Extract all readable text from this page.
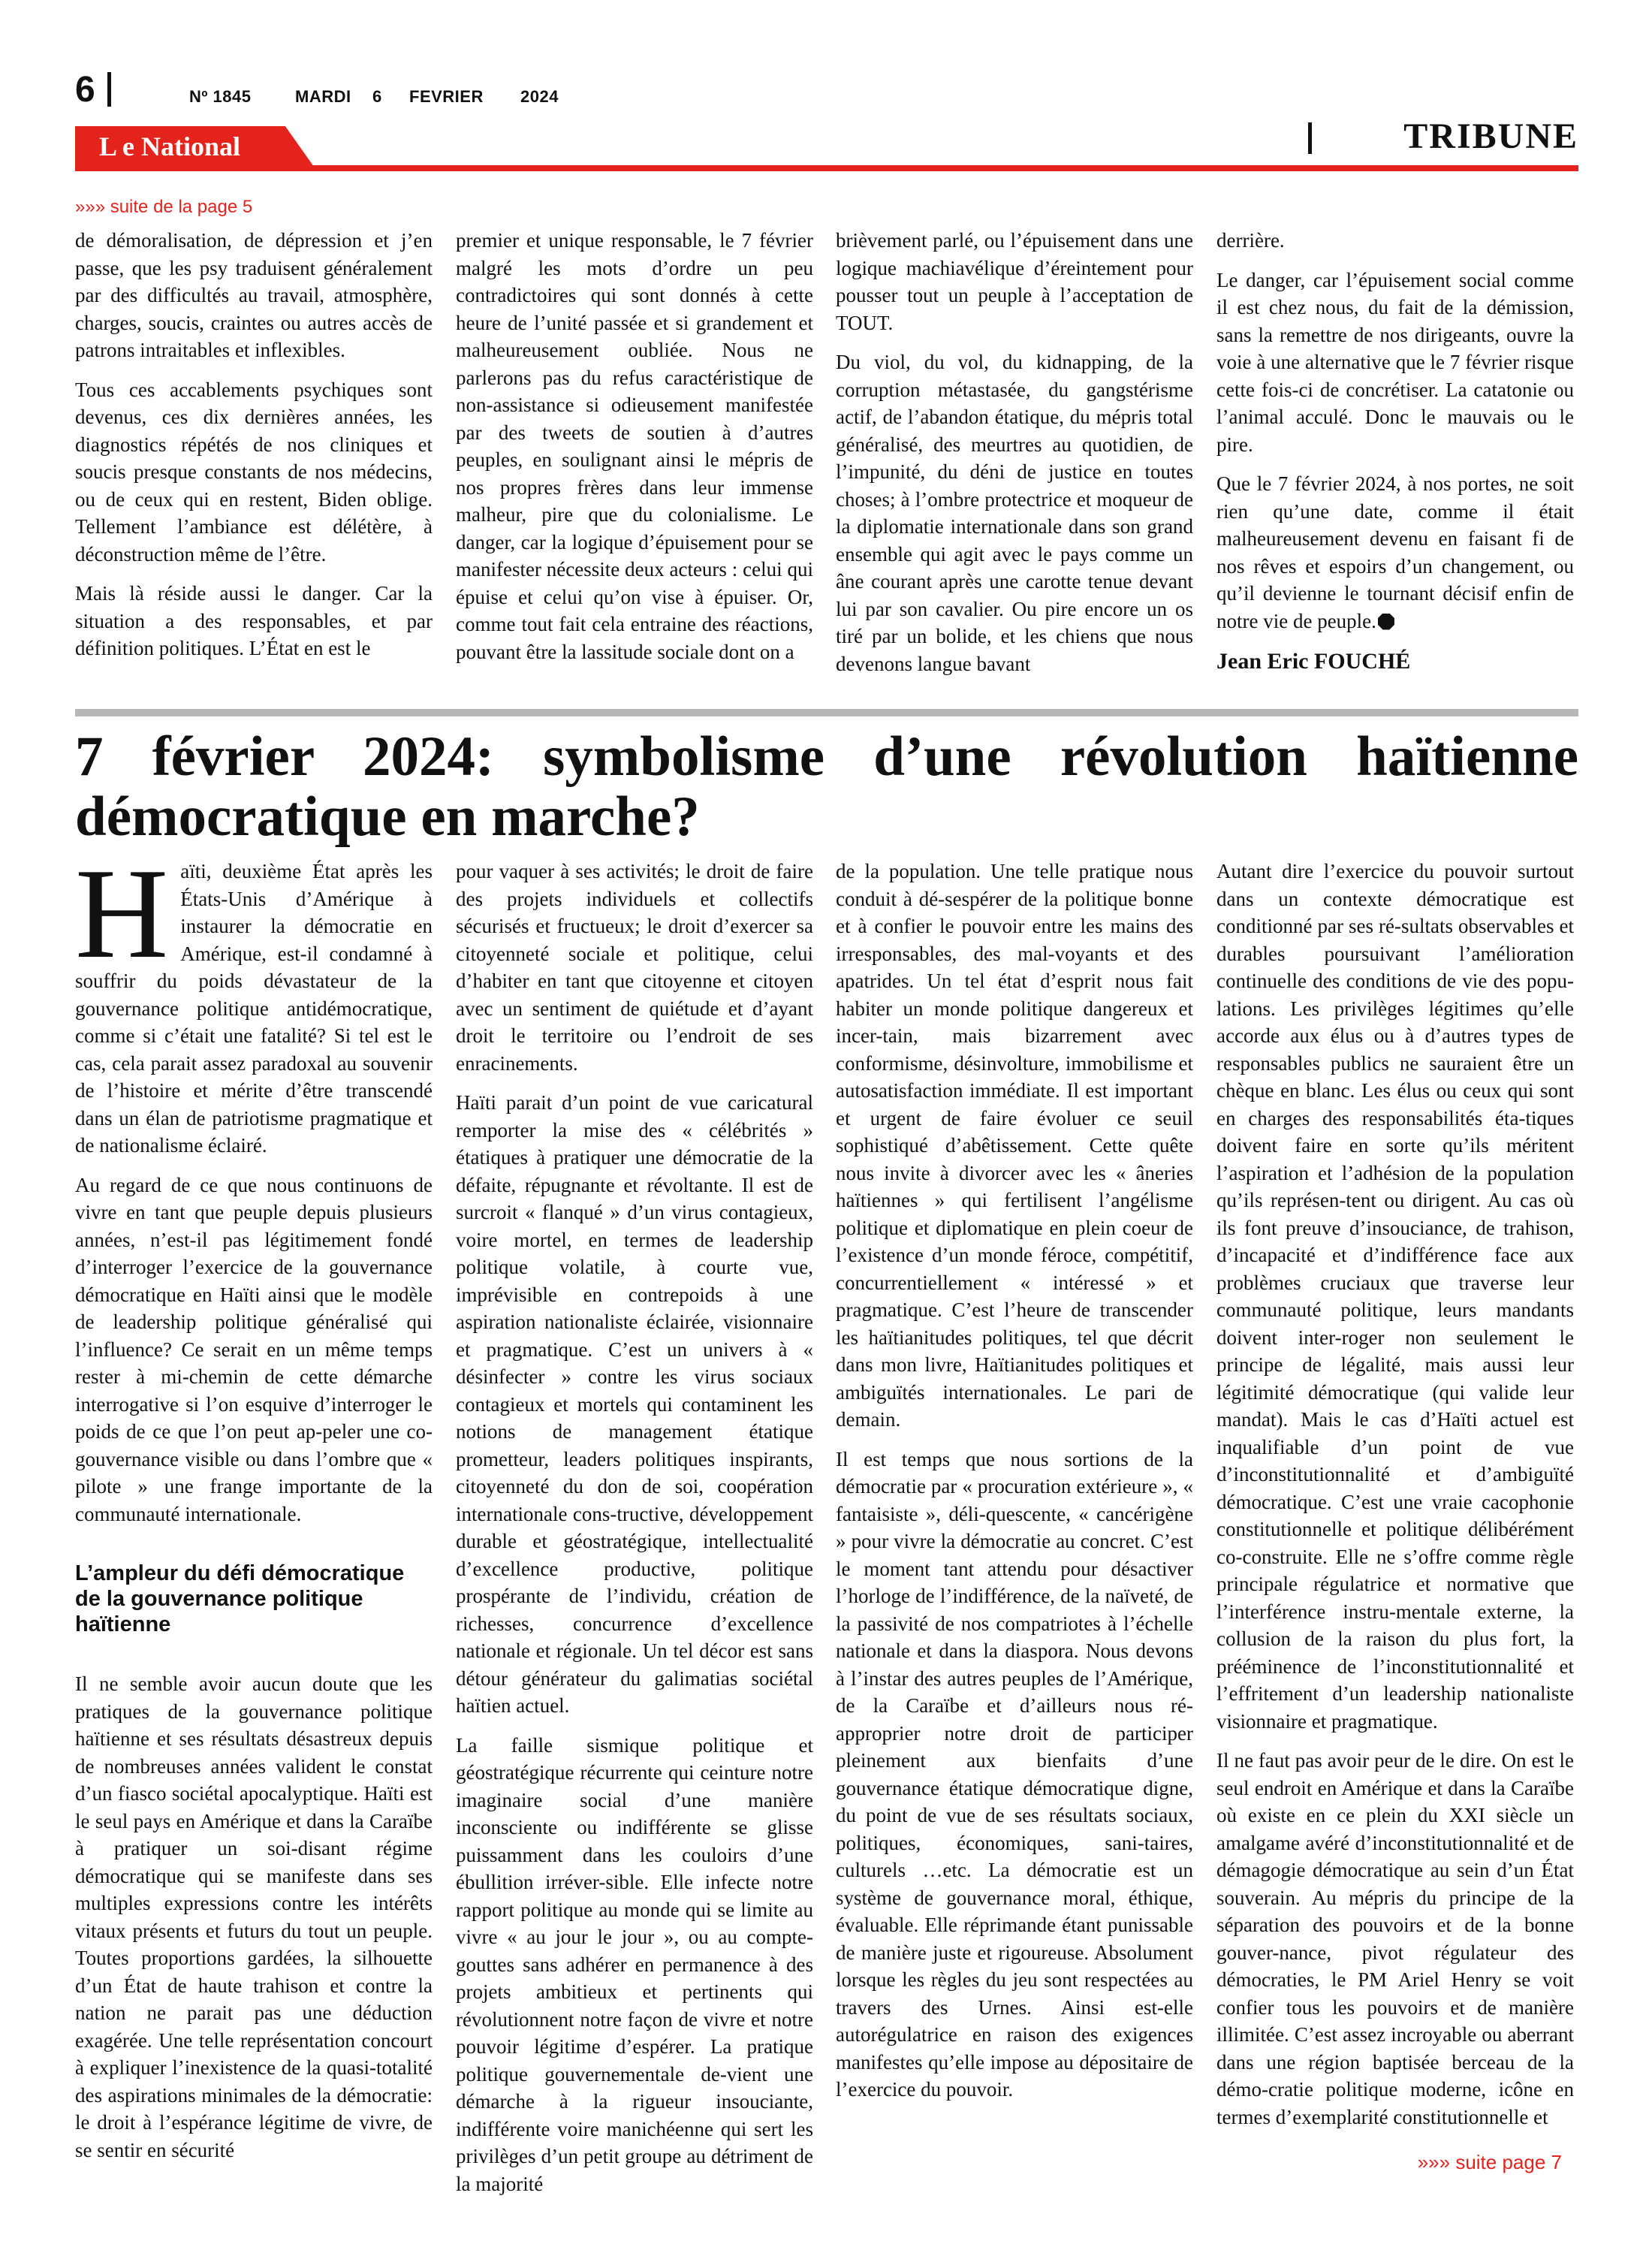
6	Nº 1845	MARDI 6 FEVRIER 2024
L e National	TRIBUNE
»»» suite de la page 5

de démoralisation, de dépression et j’en passe, que les psy traduisent généralement par des difficultés au travail, atmosphère, charges, soucis, craintes ou autres accès de patrons intraitables et inflexibles.

Tous ces accablements psychiques sont devenus, ces dix dernières années, les diagnostics répétés de nos cliniques et soucis presque constants de nos médecins, ou de ceux qui en restent, Biden oblige. Tellement l’ambiance est délétère, à déconstruction même de l’être.

Mais là réside aussi le danger. Car la situation a des responsables, et par définition politiques. L’État en est le

premier et unique responsable, le 7 février malgré les mots d’ordre un peu contradictoires qui sont donnés à cette heure de l’unité passée et si grandement et malheureusement oubliée. Nous ne parlerons pas du refus caractéristique de non-assistance si odieusement manifestée par des tweets de soutien à d’autres peuples, en soulignant ainsi le mépris de nos propres frères dans leur immense malheur, pire que du colonialisme. Le danger, car la logique d’épuisement pour se manifester nécessite deux acteurs : celui qui épuise et celui qu’on vise à épuiser. Or, comme tout fait cela entraine des réactions, pouvant être la lassitude sociale dont on a

brièvement parlé, ou l’épuisement dans une logique machiavélique d’éreintement pour pousser tout un peuple à l’acceptation de TOUT.

Du viol, du vol, du kidnapping, de la corruption métastasée, du gangstérisme actif, de l’abandon étatique, du mépris total généralisé, des meurtres au quotidien, de l’impunité, du déni de justice en toutes choses; à l’ombre protectrice et moqueur de la diplomatie internationale dans son grand ensemble qui agit avec le pays comme un âne courant après une carotte tenue devant lui par son cavalier. Ou pire encore un os tiré par un bolide, et les chiens que nous devenons langue bavant

derrière.

Le danger, car l’épuisement social comme il est chez nous, du fait de la démission, sans la remettre de nos dirigeants, ouvre la voie à une alternative que le 7 février risque cette fois-ci de concrétiser. La catatonie ou l’animal acculé. Donc le mauvais ou le pire.

Que le 7 février 2024, à nos portes, ne soit rien qu’une date, comme il était malheureusement devenu en faisant fi de nos rêves et espoirs d’un changement, ou qu’il devienne le tournant décisif enfin de notre vie de peuple.

Jean Eric FOUCHÉ
7 février 2024: symbolisme d’une révolution haïtienne démocratique en marche?

Haïti, deuxième État après les États-Unis d’Amérique à instaurer la démocratie en Amérique, est-il condamné à souffrir du poids dévastateur de la gouvernance politique antidémocratique, comme si c’était une fatalité? Si tel est le cas, cela parait assez paradoxal au souvenir de l’histoire et mérite d’être transcendé dans un élan de patriotisme pragmatique et de nationalisme éclairé.

Au regard de ce que nous continuons de vivre en tant que peuple depuis plusieurs années, n’est-il pas légitimement fondé d’interroger l’exercice de la gouvernance démocratique en Haïti ainsi que le modèle de leadership politique généralisé qui l’influence? Ce serait en un même temps rester à mi-chemin de cette démarche interrogative si l’on esquive d’interroger le poids de ce que l’on peut ap-peler une co-gouvernance visible ou dans l’ombre que « pilote » une frange importante de la communauté internationale.

L’ampleur du défi démocratique de la gouvernance politique haïtienne

Il ne semble avoir aucun doute que les pratiques de la gouvernance politique haïtienne et ses résultats désastreux depuis de nombreuses années valident le constat d’un fiasco sociétal apocalyptique. Haïti est le seul pays en Amérique et dans la Caraïbe à pratiquer un soi-disant régime démocratique qui se manifeste dans ses multiples expressions contre les intérêts vitaux présents et futurs du tout un peuple. Toutes proportions gardées, la silhouette d’un État de haute trahison et contre la nation ne parait pas une déduction exagérée. Une telle représentation concourt à expliquer l’inexistence de la quasi-totalité des aspirations minimales de la démocratie: le droit à l’espérance légitime de vivre, de se sentir en sécurité

pour vaquer à ses activités; le droit de faire des projets individuels et collectifs sécurisés et fructueux; le droit d’exercer sa citoyenneté sociale et politique, celui d’habiter en tant que citoyenne et citoyen avec un sentiment de quiétude et d’ayant droit le territoire ou l’endroit de ses enracinements.

Haïti parait d’un point de vue caricatural remporter la mise des « célébrités » étatiques à pratiquer une démocratie de la défaite, répugnante et révoltante. Il est de surcroit « flanqué » d’un virus contagieux, voire mortel, en termes de leadership politique volatile, à courte vue, imprévisible en contrepoids à une aspiration nationaliste éclairée, visionnaire et pragmatique. C’est un univers à « désinfecter » contre les virus sociaux contagieux et mortels qui contaminent les notions de management étatique prometteur, leaders politiques inspirants, citoyenneté du don de soi, coopération internationale cons-tructive, développement durable et géostratégique, intellectualité d’excellence productive, politique prospérante de l’individu, création de richesses, concurrence d’excellence nationale et régionale. Un tel décor est sans détour générateur du galimatias sociétal haïtien actuel.

La faille sismique politique et géostratégique récurrente qui ceinture notre imaginaire social d’une manière inconsciente ou indifférente se glisse puissamment dans les couloirs d’une ébullition irréver-sible. Elle infecte notre rapport politique au monde qui se limite au vivre « au jour le jour », ou au compte-gouttes sans adhérer en permanence à des projets ambitieux et pertinents qui révolutionnent notre façon de vivre et notre pouvoir légitime d’espérer. La pratique politique gouvernementale de-vient une démarche à la rigueur insouciante, indifférente voire manichéenne qui sert les privilèges d’un petit groupe au détriment de la majorité

de la population. Une telle pratique nous conduit à dé-sespérer de la politique bonne et à confier le pouvoir entre les mains des irresponsables, des mal-voyants et des apatrides. Un tel état d’esprit nous fait habiter un monde politique dangereux et incer-tain, mais bizarrement avec conformisme, désinvolture, immobilisme et autosatisfaction immédiate. Il est important et urgent de faire évoluer ce seuil sophistiqué d’abêtissement. Cette quête nous invite à divorcer avec les « âneries haïtiennes » qui fertilisent l’angélisme politique et diplomatique en plein coeur de l’existence d’un monde féroce, compétitif, concurrentiellement « intéressé » et pragmatique. C’est l’heure de transcender les haïtianitudes politiques, tel que décrit dans mon livre, Haïtianitudes politiques et ambiguïtés internationales. Le pari de demain.

Il est temps que nous sortions de la démocratie par « procuration extérieure », « fantaisiste », déli-quescente, « cancérigène » pour vivre la démocratie au concret. C’est le moment tant attendu pour désactiver l’horloge de l’indifférence, de la naïveté, de la passivité de nos compatriotes à l’échelle nationale et dans la diaspora. Nous devons à l’instar des autres peuples de l’Amérique, de la Caraïbe et d’ailleurs nous ré-approprier notre droit de participer pleinement aux bienfaits d’une gouvernance étatique démocratique digne, du point de vue de ses résultats sociaux, politiques, économiques, sani-taires, culturels …etc. La démocratie est un système de gouvernance moral, éthique, évaluable. Elle réprimande étant punissable de manière juste et rigoureuse. Absolument lorsque les règles du jeu sont respectées au travers des Urnes. Ainsi est-elle autorégulatrice en raison des exigences manifestes qu’elle impose au dépositaire de l’exercice du pouvoir.

Autant dire l’exercice du pouvoir surtout dans un contexte démocratique est conditionné par ses ré-sultats observables et durables poursuivant l’amélioration continuelle des conditions de vie des popu-lations. Les privilèges légitimes qu’elle accorde aux élus ou à d’autres types de responsables publics ne sauraient être un chèque en blanc. Les élus ou ceux qui sont en charges des responsabilités éta-tiques doivent faire en sorte qu’ils méritent l’aspiration et l’adhésion de la population qu’ils représen-tent ou dirigent. Au cas où ils font preuve d’insouciance, de trahison, d’incapacité et d’indifférence face aux problèmes cruciaux que traverse leur communauté politique, leurs mandants doivent inter-roger non seulement le principe de légalité, mais aussi leur légitimité démocratique (qui valide leur mandat). Mais le cas d’Haïti actuel est inqualifiable d’un point de vue d’inconstitutionnalité et d’ambiguïté démocratique. C’est une vraie cacophonie constitutionnelle et politique délibérément co-construite. Elle ne s’offre comme règle principale régulatrice et normative que l’interférence instru-mentale externe, la collusion de la raison du plus fort, la prééminence de l’inconstitutionnalité et l’effritement d’un leadership nationaliste visionnaire et pragmatique.

Il ne faut pas avoir peur de le dire. On est le seul endroit en Amérique et dans la Caraïbe où existe en ce plein du XXI siècle un amalgame avéré d’inconstitutionnalité et de démagogie démocratique au sein d’un État souverain. Au mépris du principe de la séparation des pouvoirs et de la bonne gouver-nance, pivot régulateur des démocraties, le PM Ariel Henry se voit confier tous les pouvoirs et de manière illimitée. C’est assez incroyable ou aberrant dans une région baptisée berceau de la démo-cratie politique moderne, icône en termes d’exemplarité constitutionnelle et

»»» suite page 7
